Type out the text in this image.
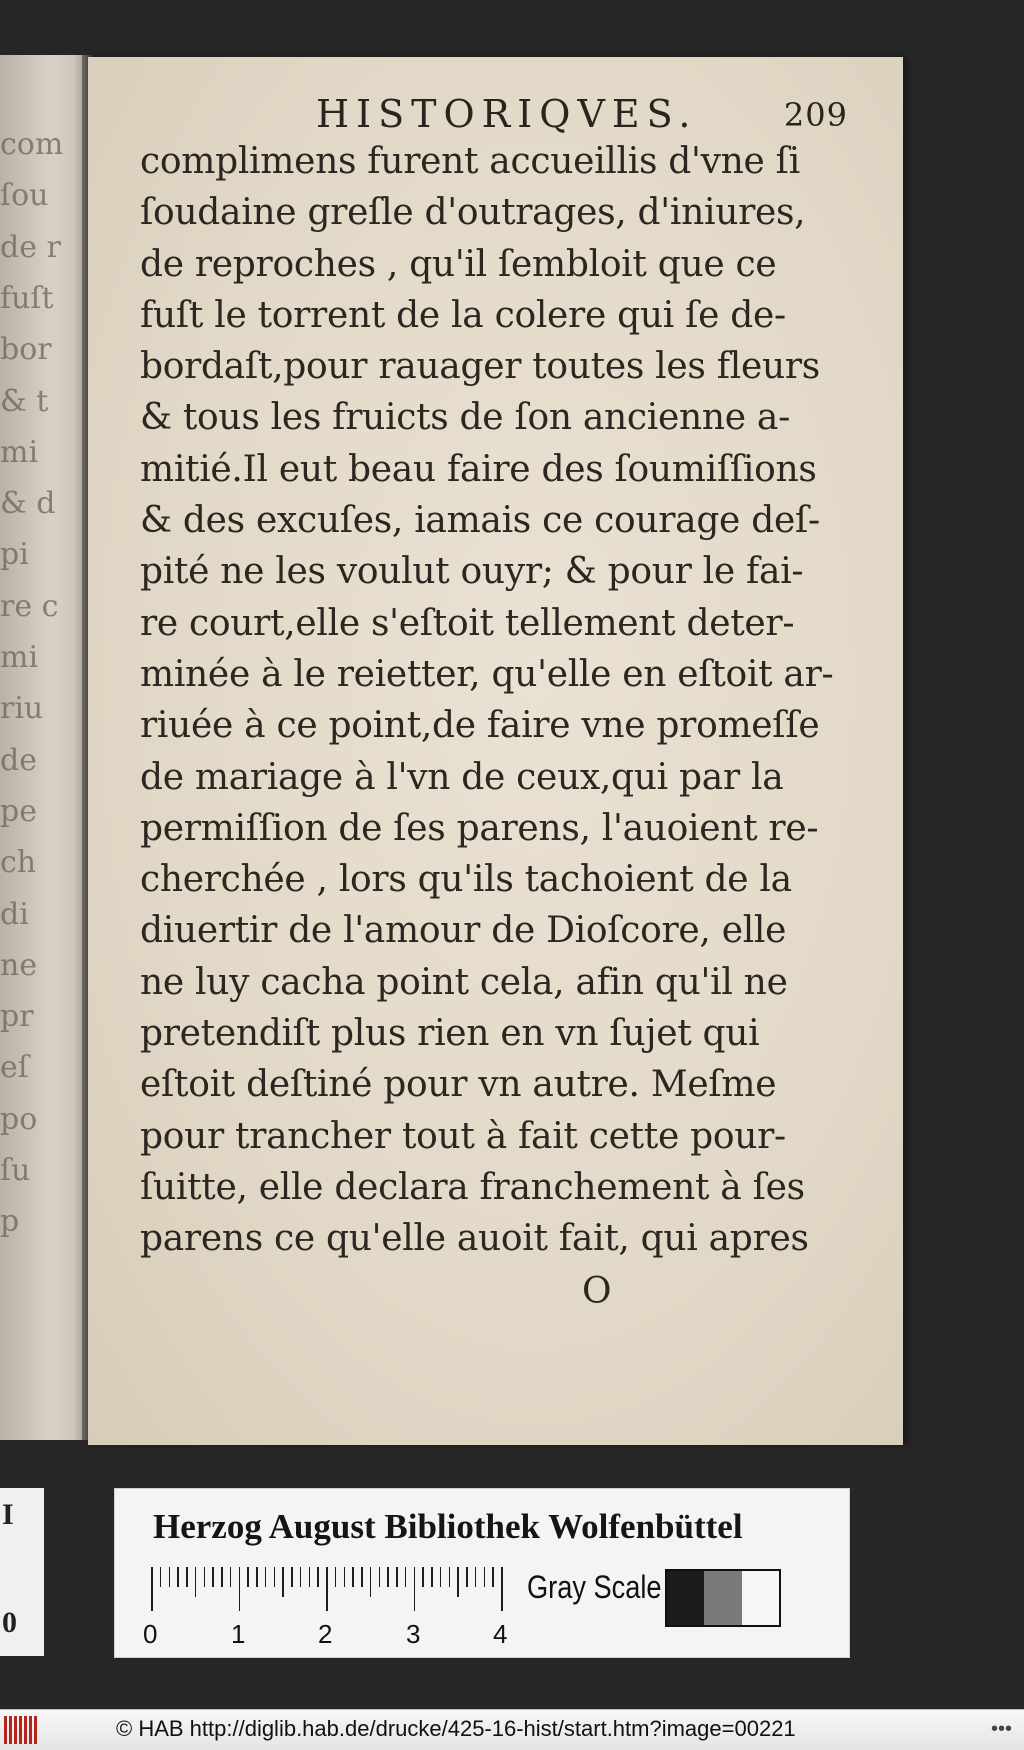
com
ſou
de r
fuſt
bor
& t
mi
& d
pi
re c
mi
riu
de
pe
ch
di
ne
pr
eſ
po
ſu
p
HISTORIQVES.	209
complimens furent accueillis d'vne ſi
ſoudaine greſle d'outrages, d'iniures,
de reproches , qu'il ſembloit que ce
fuſt le torrent de la colere qui ſe de-
bordaſt,pour rauager toutes les fleurs
& tous les fruicts de ſon ancienne a-
mitié.Il eut beau faire des ſoumiſſions
& des excuſes, iamais ce courage deſ-
pité ne les voulut ouyr; & pour le fai-
re court,elle s'eſtoit tellement deter-
minée à le reietter, qu'elle en eſtoit ar-
riuée à ce point,de faire vne promeſſe
de mariage à l'vn de ceux,qui par la
permiſſion de ſes parens, l'auoient re-
cherchée , lors qu'ils tachoient de la
diuertir de l'amour de Dioſcore, elle
ne luy cacha point cela, afin qu'il ne
pretendiſt plus rien en vn ſujet qui
eſtoit deſtiné pour vn autre. Meſme
pour trancher tout à fait cette pour-
ſuitte, elle declara franchement à ſes
parens ce qu'elle auoit fait, qui apres
O
I
0
Herzog August Bibliothek Wolfenbüttel
0	1	2	3	4
Gray Scale
© HAB http://diglib.hab.de/drucke/425-16-hist/start.htm?image=00221	•••
